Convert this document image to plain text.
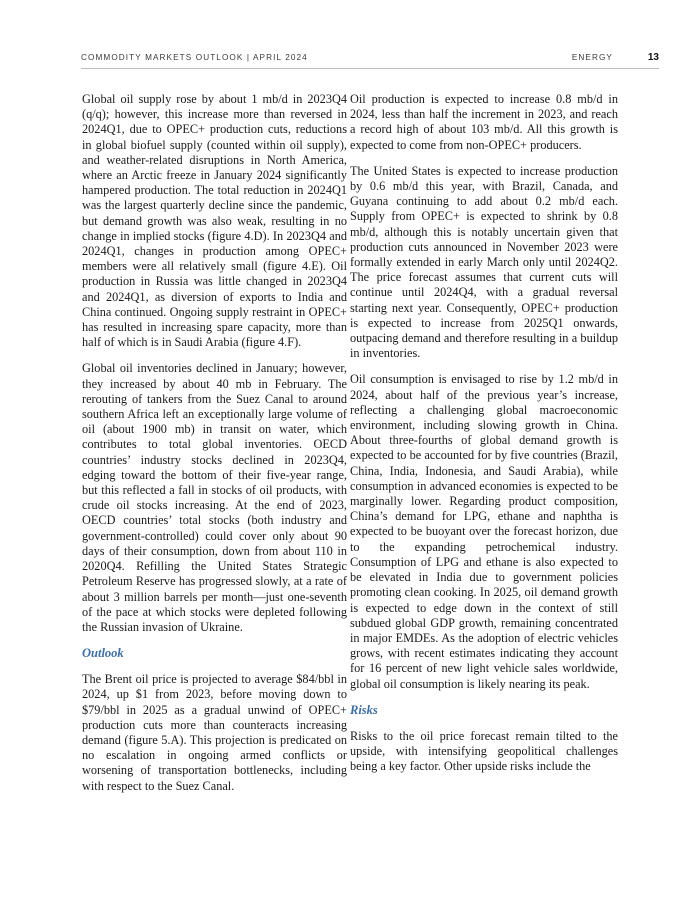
COMMODITY MARKETS OUTLOOK | APRIL 2024	ENERGY	13

Global oil supply rose by about 1 mb/d in 2023Q4 (q/q); however, this increase more than reversed in 2024Q1, due to OPEC+ production cuts, reductions in global biofuel supply (counted within oil supply), and weather-related disruptions in North America, where an Arctic freeze in January 2024 significantly hampered production. The total reduction in 2024Q1 was the largest quarterly decline since the pandemic, but demand growth was also weak, resulting in no change in implied stocks (figure 4.D). In 2023Q4 and 2024Q1, changes in production among OPEC+ members were all relatively small (figure 4.E). Oil production in Russia was little changed in 2023Q4 and 2024Q1, as diversion of exports to India and China continued. Ongoing supply restraint in OPEC+ has resulted in increasing spare capacity, more than half of which is in Saudi Arabia (figure 4.F).

Global oil inventories declined in January; however, they increased by about 40 mb in February. The rerouting of tankers from the Suez Canal to around southern Africa left an exceptionally large volume of oil (about 1900 mb) in transit on water, which contributes to total global inventories. OECD countries’ industry stocks declined in 2023Q4, edging toward the bottom of their five-year range, but this reflected a fall in stocks of oil products, with crude oil stocks increasing. At the end of 2023, OECD countries’ total stocks (both industry and government-controlled) could cover only about 90 days of their consumption, down from about 110 in 2020Q4. Refilling the United States Strategic Petroleum Reserve has progressed slowly, at a rate of about 3 million barrels per month—just one-seventh of the pace at which stocks were depleted following the Russian invasion of Ukraine.

Outlook

The Brent oil price is projected to average $84/bbl in 2024, up $1 from 2023, before moving down to $79/bbl in 2025 as a gradual unwind of OPEC+ production cuts more than counteracts increasing demand (figure 5.A). This projection is predicated on no escalation in ongoing armed conflicts or worsening of transportation bottlenecks, including with respect to the Suez Canal.

Oil production is expected to increase 0.8 mb/d in 2024, less than half the increment in 2023, and reach a record high of about 103 mb/d. All this growth is expected to come from non-OPEC+ producers.

The United States is expected to increase production by 0.6 mb/d this year, with Brazil, Canada, and Guyana continuing to add about 0.2 mb/d each. Supply from OPEC+ is expected to shrink by 0.8 mb/d, although this is notably uncertain given that production cuts announced in November 2023 were formally extended in early March only until 2024Q2. The price forecast assumes that current cuts will continue until 2024Q4, with a gradual reversal starting next year. Consequently, OPEC+ production is expected to increase from 2025Q1 onwards, outpacing demand and therefore resulting in a buildup in inventories.

Oil consumption is envisaged to rise by 1.2 mb/d in 2024, about half of the previous year’s increase, reflecting a challenging global macroeconomic environment, including slowing growth in China. About three-fourths of global demand growth is expected to be accounted for by five countries (Brazil, China, India, Indonesia, and Saudi Arabia), while consumption in advanced economies is expected to be marginally lower. Regarding product composition, China’s demand for LPG, ethane and naphtha is expected to be buoyant over the forecast horizon, due to the expanding petrochemical industry. Consumption of LPG and ethane is also expected to be elevated in India due to government policies promoting clean cooking. In 2025, oil demand growth is expected to edge down in the context of still subdued global GDP growth, remaining concentrated in major EMDEs. As the adoption of electric vehicles grows, with recent estimates indicating they account for 16 percent of new light vehicle sales worldwide, global oil consumption is likely nearing its peak.

Risks

Risks to the oil price forecast remain tilted to the upside, with intensifying geopolitical challenges being a key factor. Other upside risks include the
